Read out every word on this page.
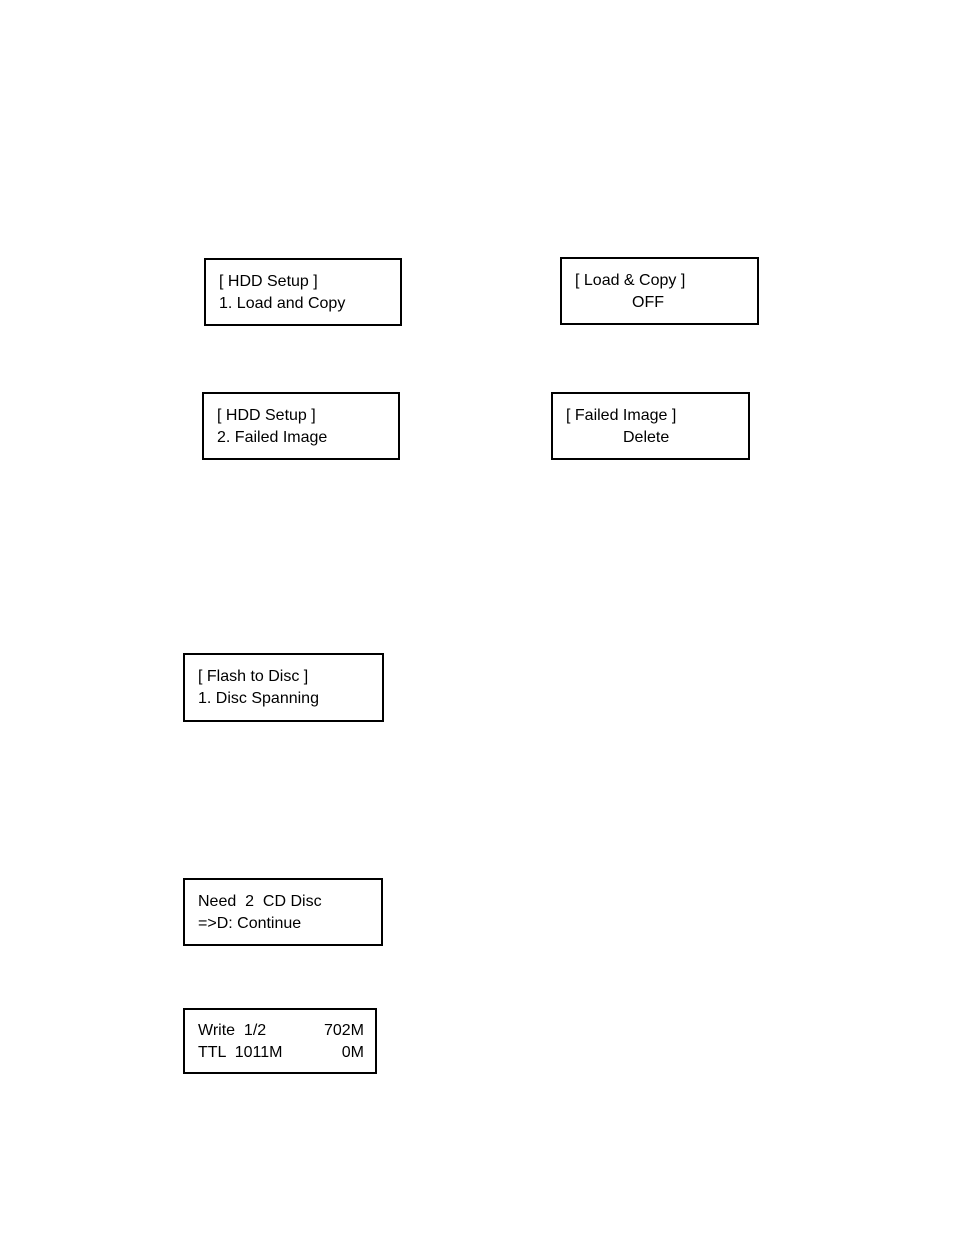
[ HDD Setup ]
1. Load and Copy
[ Load & Copy ]
OFF
[ HDD Setup ]
2. Failed Image
[ Failed Image ]
Delete
[ Flash to Disc ]
1. Disc Spanning
Need  2  CD Disc
=>D: Continue
Write  1/2	702M
TTL  1011M	0M
